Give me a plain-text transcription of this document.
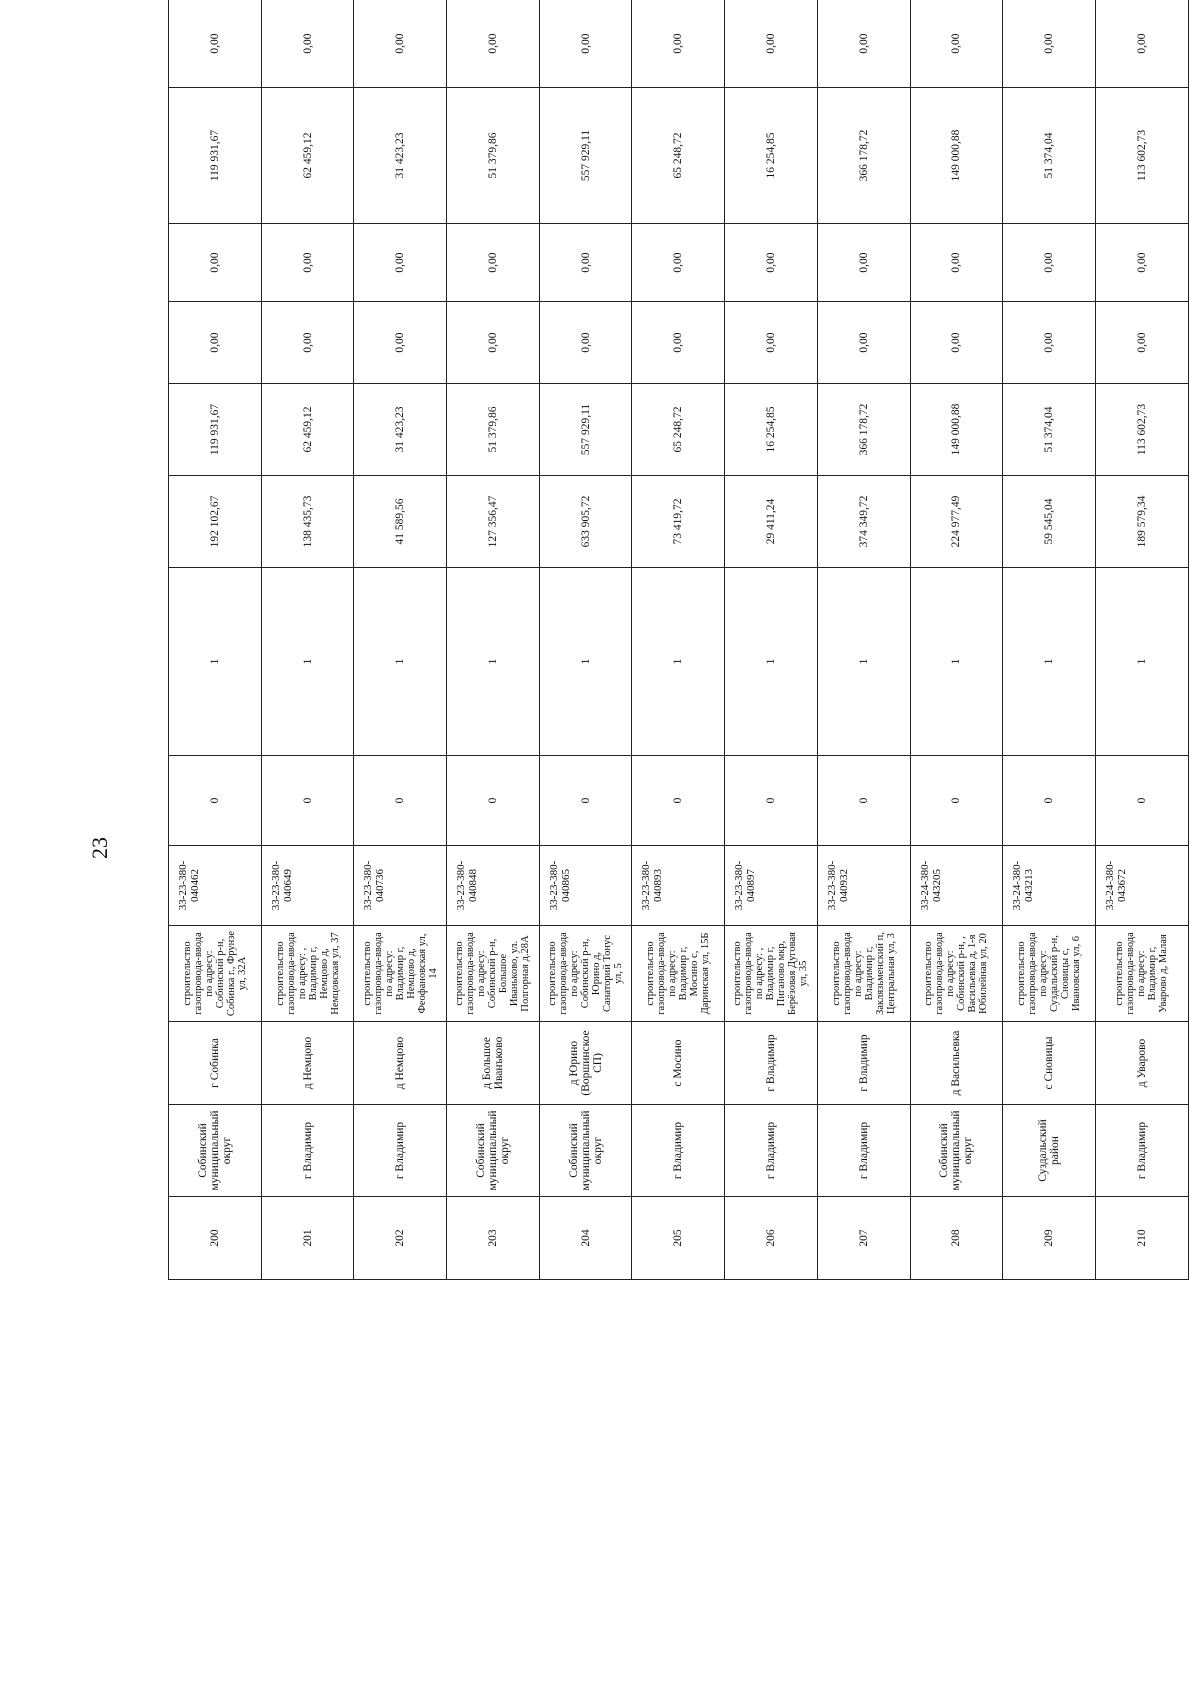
23
200	Собинский муниципальный округ	г Собинка	строительство газопровода-ввода по адресу: Собинский р-н, Собинка г., Фрунзе ул, 32А	33-23-380-040462	0	1	192 102,67	119 931,67	0,00	0,00	119 931,67	0,00
201	г Владимир	д Немцово	строительство газопровода-ввода по адресу: , Владимир г, Немцово д, Немцовская ул, 37	33-23-380-040649	0	1	138 435,73	62 459,12	0,00	0,00	62 459,12	0,00
202	г Владимир	д Немцово	строительство газопровода-ввода по адресу: Владимир г, Немцово д, Феофановская ул, 14	33-23-380-040736	0	1	41 589,56	31 423,23	0,00	0,00	31 423,23	0,00
203	Собинский муниципальный округ	д Большое Иванъково	строительство газопровода-ввода по адресу: Собинский р-н, Большое Иваньково, ул. Полгорная д.28А	33-23-380-040848	0	1	127 356,47	51 379,86	0,00	0,00	51 379,86	0,00
204	Собинский муниципальный округ	д Юрино (Воршинское СП)	строительство газопровода-ввода по адресу: Собинский р-н, Юрино д, Санаторий Тонус ул, 5	33-23-380-040865	0	1	633 905,72	557 929,11	0,00	0,00	557 929,11	0,00
205	г Владимир	с Мосино	строительство газопровода-ввода по адресу: Владимир г, Мосино с, Даринская ул, 15Б	33-23-380-040893	0	1	73 419,72	65 248,72	0,00	0,00	65 248,72	0,00
206	г Владимир	г Владимир	строительство газопровода-ввода по адресу: , Владимир г, Пиганово мкр, Берёзовая Дуговая ул, 35	33-23-380-040897	0	1	29 411,24	16 254,85	0,00	0,00	16 254,85	0,00
207	г Владимир	г Владимир	строительство газопровода-ввода по адресу: Владимир г, Заклязьменский п, Центральная ул, 3	33-23-380-040932	0	1	374 349,72	366 178,72	0,00	0,00	366 178,72	0,00
208	Собинский муниципальный округ	д Васильевка	строительство газопровода-ввода по адресу: Собинский р-н, , Васильевка д, 1-я Юбилейная ул, 20	33-24-380-043205	0	1	224 977,49	149 000,88	0,00	0,00	149 000,88	0,00
209	Суздальский район	с Сновицы	строительство газопровода-ввода по адресу: Суздальский р-н, Сновицы с, Ивановская ул, 6	33-24-380-043213	0	1	59 545,04	51 374,04	0,00	0,00	51 374,04	0,00
210	г Владимир	д Уварово	строительство газопровода-ввода по адресу: Владимир г, Уварово д, Малая	33-24-380-043672	0	1	189 579,34	113 602,73	0,00	0,00	113 602,73	0,00
